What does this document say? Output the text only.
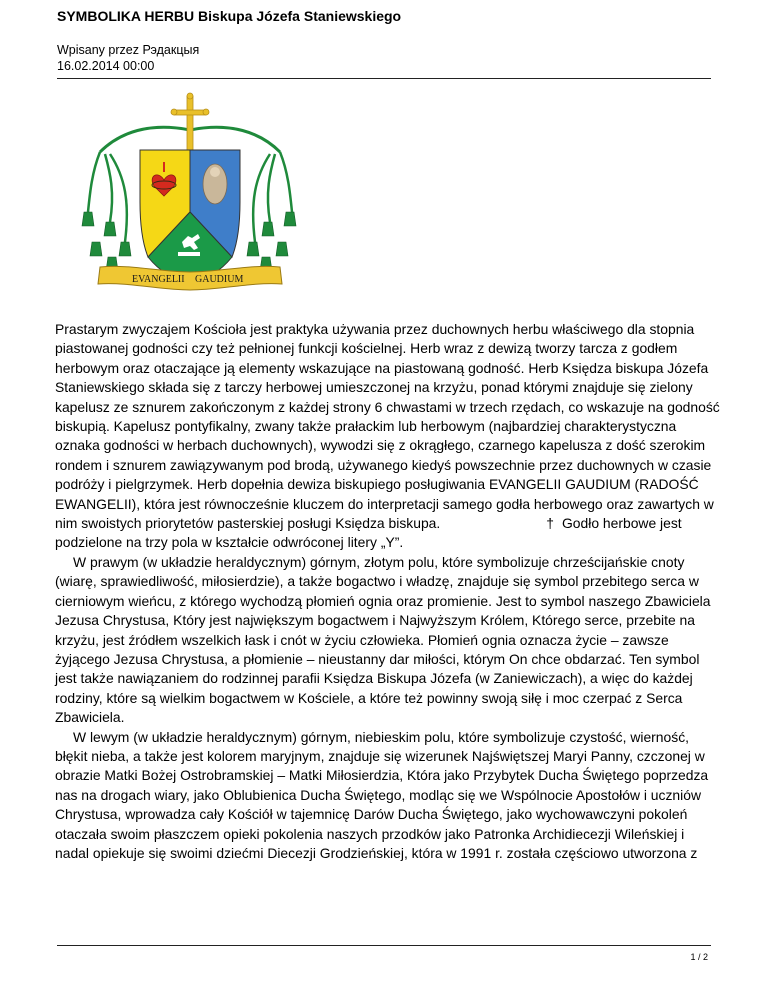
SYMBOLIKA HERBU Biskupa Józefa Staniewskiego
Wpisany przez Рэдакцыя
16.02.2014 00:00
EVANGELII GAUDIUM

Prastarym zwyczajem Kościoła jest praktyka używania przez duchownych herbu właściwego dla stopnia piastowanej godności czy też pełnionej funkcji kościelnej. Herb wraz z dewizą tworzy tarcza z godłem herbowym oraz otaczające ją elementy wskazujące na piastowaną godność. Herb Księdza biskupa Józefa Staniewskiego składa się z tarczy herbowej umieszczonej na krzyżu, ponad którymi znajduje się zielony kapelusz ze sznurem zakończonym z każdej strony 6 chwastami w trzech rzędach, co wskazuje na godność biskupią. Kapelusz pontyfikalny, zwany także prałackim lub herbowym (najbardziej charakterystyczna oznaka godności w herbach duchownych), wywodzi się z okrągłego, czarnego kapelusza z dość szerokim rondem i sznurem zawiązywanym pod brodą, używanego kiedyś powszechnie przez duchownych w czasie podróży i pielgrzymek. Herb dopełnia dewiza biskupiego posługiwania EVANGELII GAUDIUM (RADOŚĆ EWANGELII), która jest równocześnie kluczem do interpretacji samego godła herbowego oraz zawartych w nim swoistych priorytetów pasterskiej posługi Księdza biskupa.	† Godło herbowe jest podzielone na trzy pola w kształcie odwróconej litery „Y”.

W prawym (w układzie heraldycznym) górnym, złotym polu, które symbolizuje chrześcijańskie cnoty (wiarę, sprawiedliwość, miłosierdzie), a także bogactwo i władzę, znajduje się symbol przebitego serca w cierniowym wieńcu, z którego wychodzą płomień ognia oraz promienie. Jest to symbol naszego Zbawiciela Jezusa Chrystusa, Który jest największym bogactwem i Najwyższym Królem, Którego serce, przebite na krzyżu, jest źródłem wszelkich łask i cnót w życiu człowieka. Płomień ognia oznacza życie – zawsze żyjącego Jezusa Chrystusa, a płomienie – nieustanny dar miłości, którym On chce obdarzać. Ten symbol jest także nawiązaniem do rodzinnej parafii Księdza Biskupa Józefa (w Zaniewiczach), a więc do każdej rodziny, które są wielkim bogactwem w Kościele, a które też powinny swoją siłę i moc czerpać z Serca Zbawiciela.

W lewym (w układzie heraldycznym) górnym, niebieskim polu, które symbolizuje czystość, wierność, błękit nieba, a także jest kolorem maryjnym, znajduje się wizerunek Najświętszej Maryi Panny, czczonej w obrazie Matki Bożej Ostrobramskiej – Matki Miłosierdzia, Która jako Przybytek Ducha Świętego poprzedza nas na drogach wiary, jako Oblubienica Ducha Świętego, modląc się we Wspólnocie Apostołów i uczniów Chrystusa, wprowadza cały Kościół w tajemnicę Darów Ducha Świętego, jako wychowawczyni pokoleń otaczała swoim płaszczem opieki pokolenia naszych przodków jako Patronka Archidiecezji Wileńskiej i nadal opiekuje się swoimi dziećmi Diecezji Grodzieńskiej, która w 1991 r. została częściowo utworzona z

1 / 2
